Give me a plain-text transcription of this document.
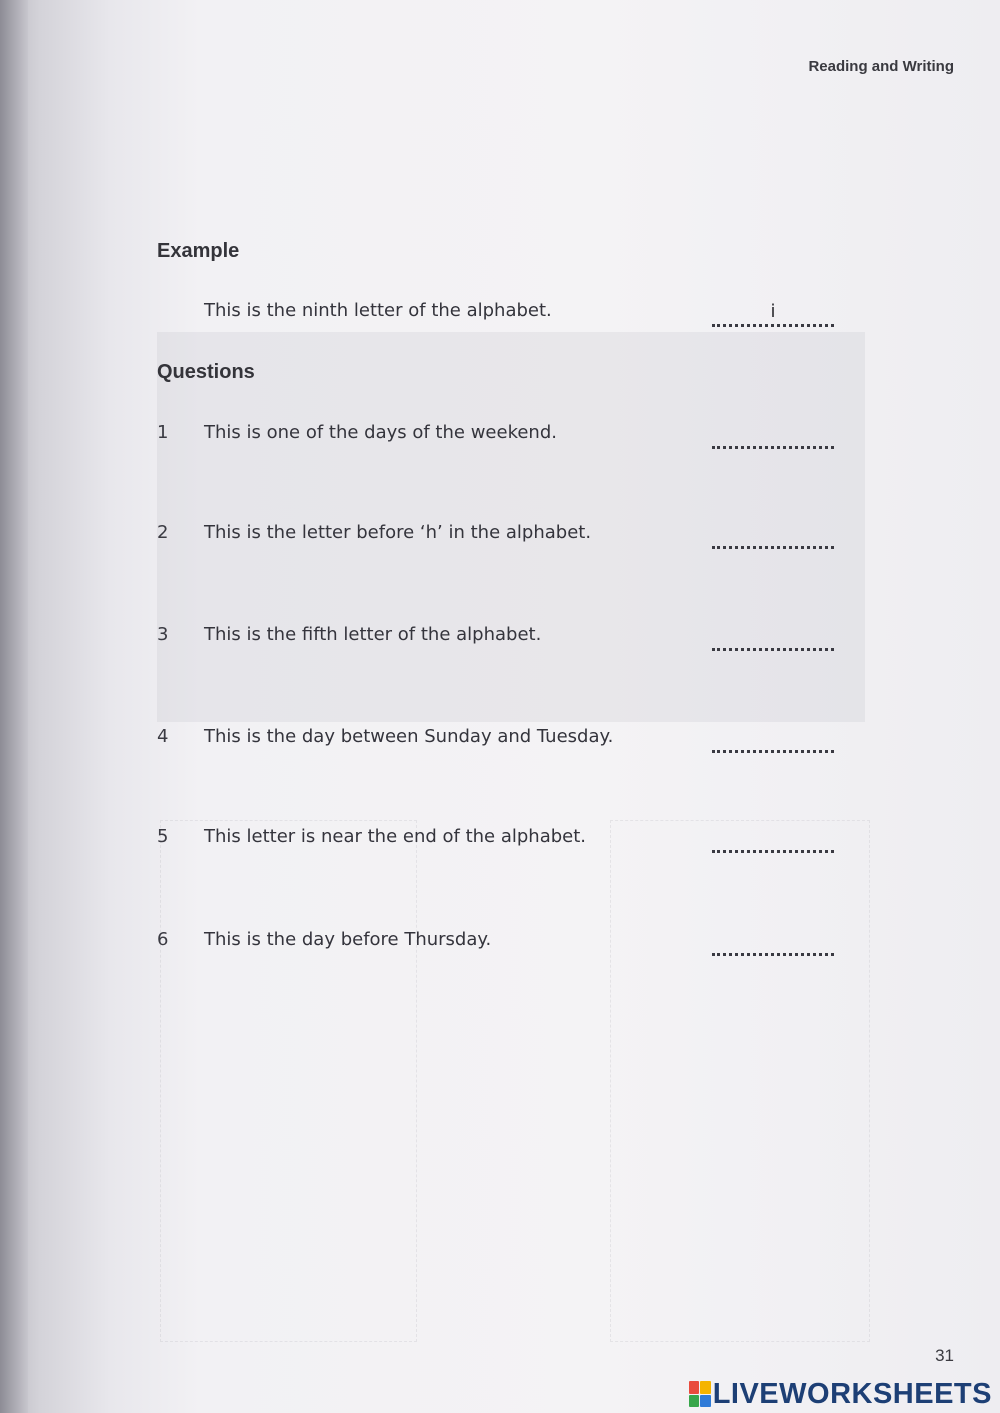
Reading and Writing
Example
This is the ninth letter of the alphabet.	i
Questions
1 This is one of the days of the weekend.
2 This is the letter before ‘h’ in the alphabet.
3 This is the fifth letter of the alphabet.
4 This is the day between Sunday and Tuesday.
5 This letter is near the end of the alphabet.
6 This is the day before Thursday.
31
LIVEWORKSHEETS
